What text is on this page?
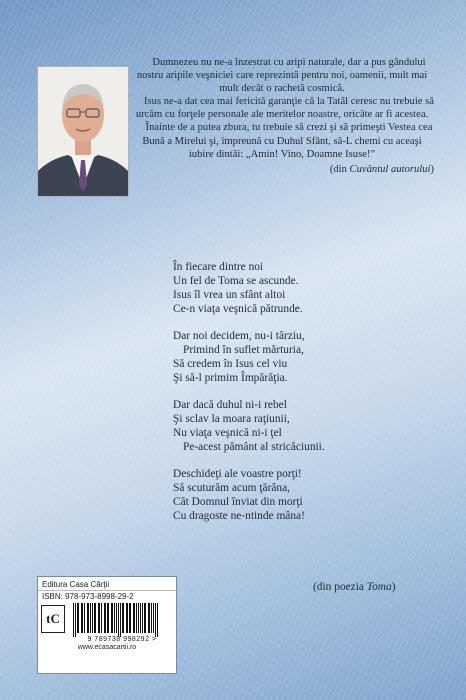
Dumnezeu nu ne-a înzestrat cu aripi naturale, dar a pus gândului nostru aripile veşniciei care reprezintă pentru noi, oamenii, mult mai mult decât o rachetă cosmică.

Isus ne-a dat cea mai fericită garanţie că la Tatăl ceresc nu trebuie să urcăm cu forţele personale ale meritelor noastre, oricâte ar fi acestea.

Înainte de a putea zbura, tu trebuie să crezi şi să primeşti Vestea cea Bună a Mirelui şi, împreună cu Duhul Sfânt, să-L chemi cu aceaşi iubire dintâi: „Amin! Vino, Doamne Isuse!”

(din Cuvântul autorului)

În fiecare dintre noi
Un fel de Toma se ascunde.
Isus îl vrea un sfânt altoi
Ce-n viaţa veşnică pătrunde.
Dar noi decidem, nu-i târziu,
Primind în suflet mărturia,
Să credem în Isus cel viu
Şi să-l primim Împărăţia.
Dar dacă duhul ni-i rebel
Şi sclav la moara raţiunii,
Nu viaţa veşnică ni-i ţel
Pe-acest pământ al stricăciunii.
Deschideţi ale voastre porţi!
Să scuturăm acum ţărâna,
Cât Domnul înviat din morţi
Cu dragoste ne-ntinde mâna!
(din poezia Toma)
Editura Casa Cărţii
ISBN: 978-973-8998-29-2
tC
9 789738 998292 >
www.ecasacartii.ro
